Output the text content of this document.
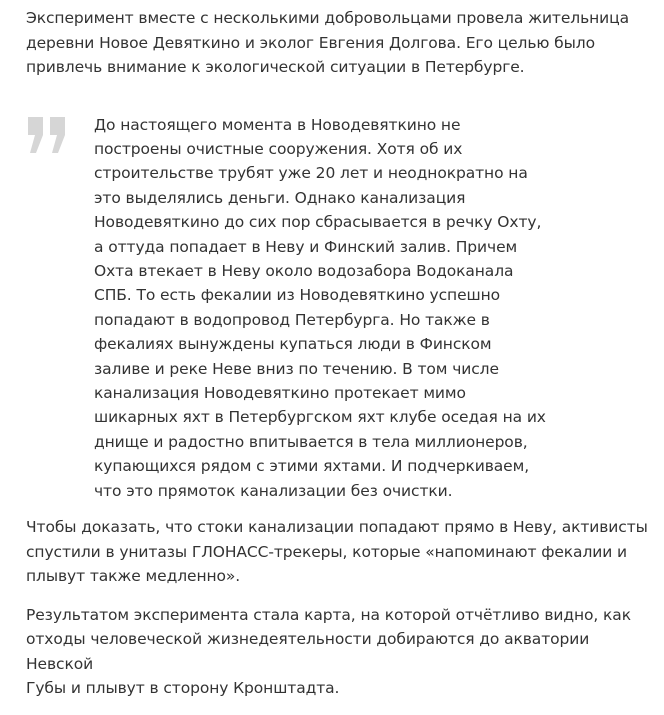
Эксперимент вместе с несколькими добровольцами провела жительница
деревни Новое Девяткино и эколог Евгения Долгова. Его целью было
привлечь внимание к экологической ситуации в Петербурге.

До настоящего момента в Новодевяткино не
построены очистные сооружения. Хотя об их
строительстве трубят уже 20 лет и неоднократно на
это выделялись деньги. Однако канализация
Новодевяткино до сих пор сбрасывается в речку Охту,
а оттуда попадает в Неву и Финский залив. Причем
Охта втекает в Неву около водозабора Водоканала
СПБ. То есть фекалии из Новодевяткино успешно
попадают в водопровод Петербурга. Но также в
фекалиях вынуждены купаться люди в Финском
заливе и реке Неве вниз по течению. В том числе
канализация Новодевяткино протекает мимо
шикарных яхт в Петербургском яхт клубе оседая на их
днище и радостно впитывается в тела миллионеров,
купающихся рядом с этими яхтами. И подчеркиваем,
что это прямоток канализации без очистки.

Чтобы доказать, что стоки канализации попадают прямо в Неву, активисты
спустили в унитазы ГЛОНАСС-трекеры, которые «напоминают фекалии и
плывут также медленно».

Результатом эксперимента стала карта, на которой отчётливо видно, как
отходы человеческой жизнедеятельности добираются до акватории Невской
Губы и плывут в сторону Кронштадта.
